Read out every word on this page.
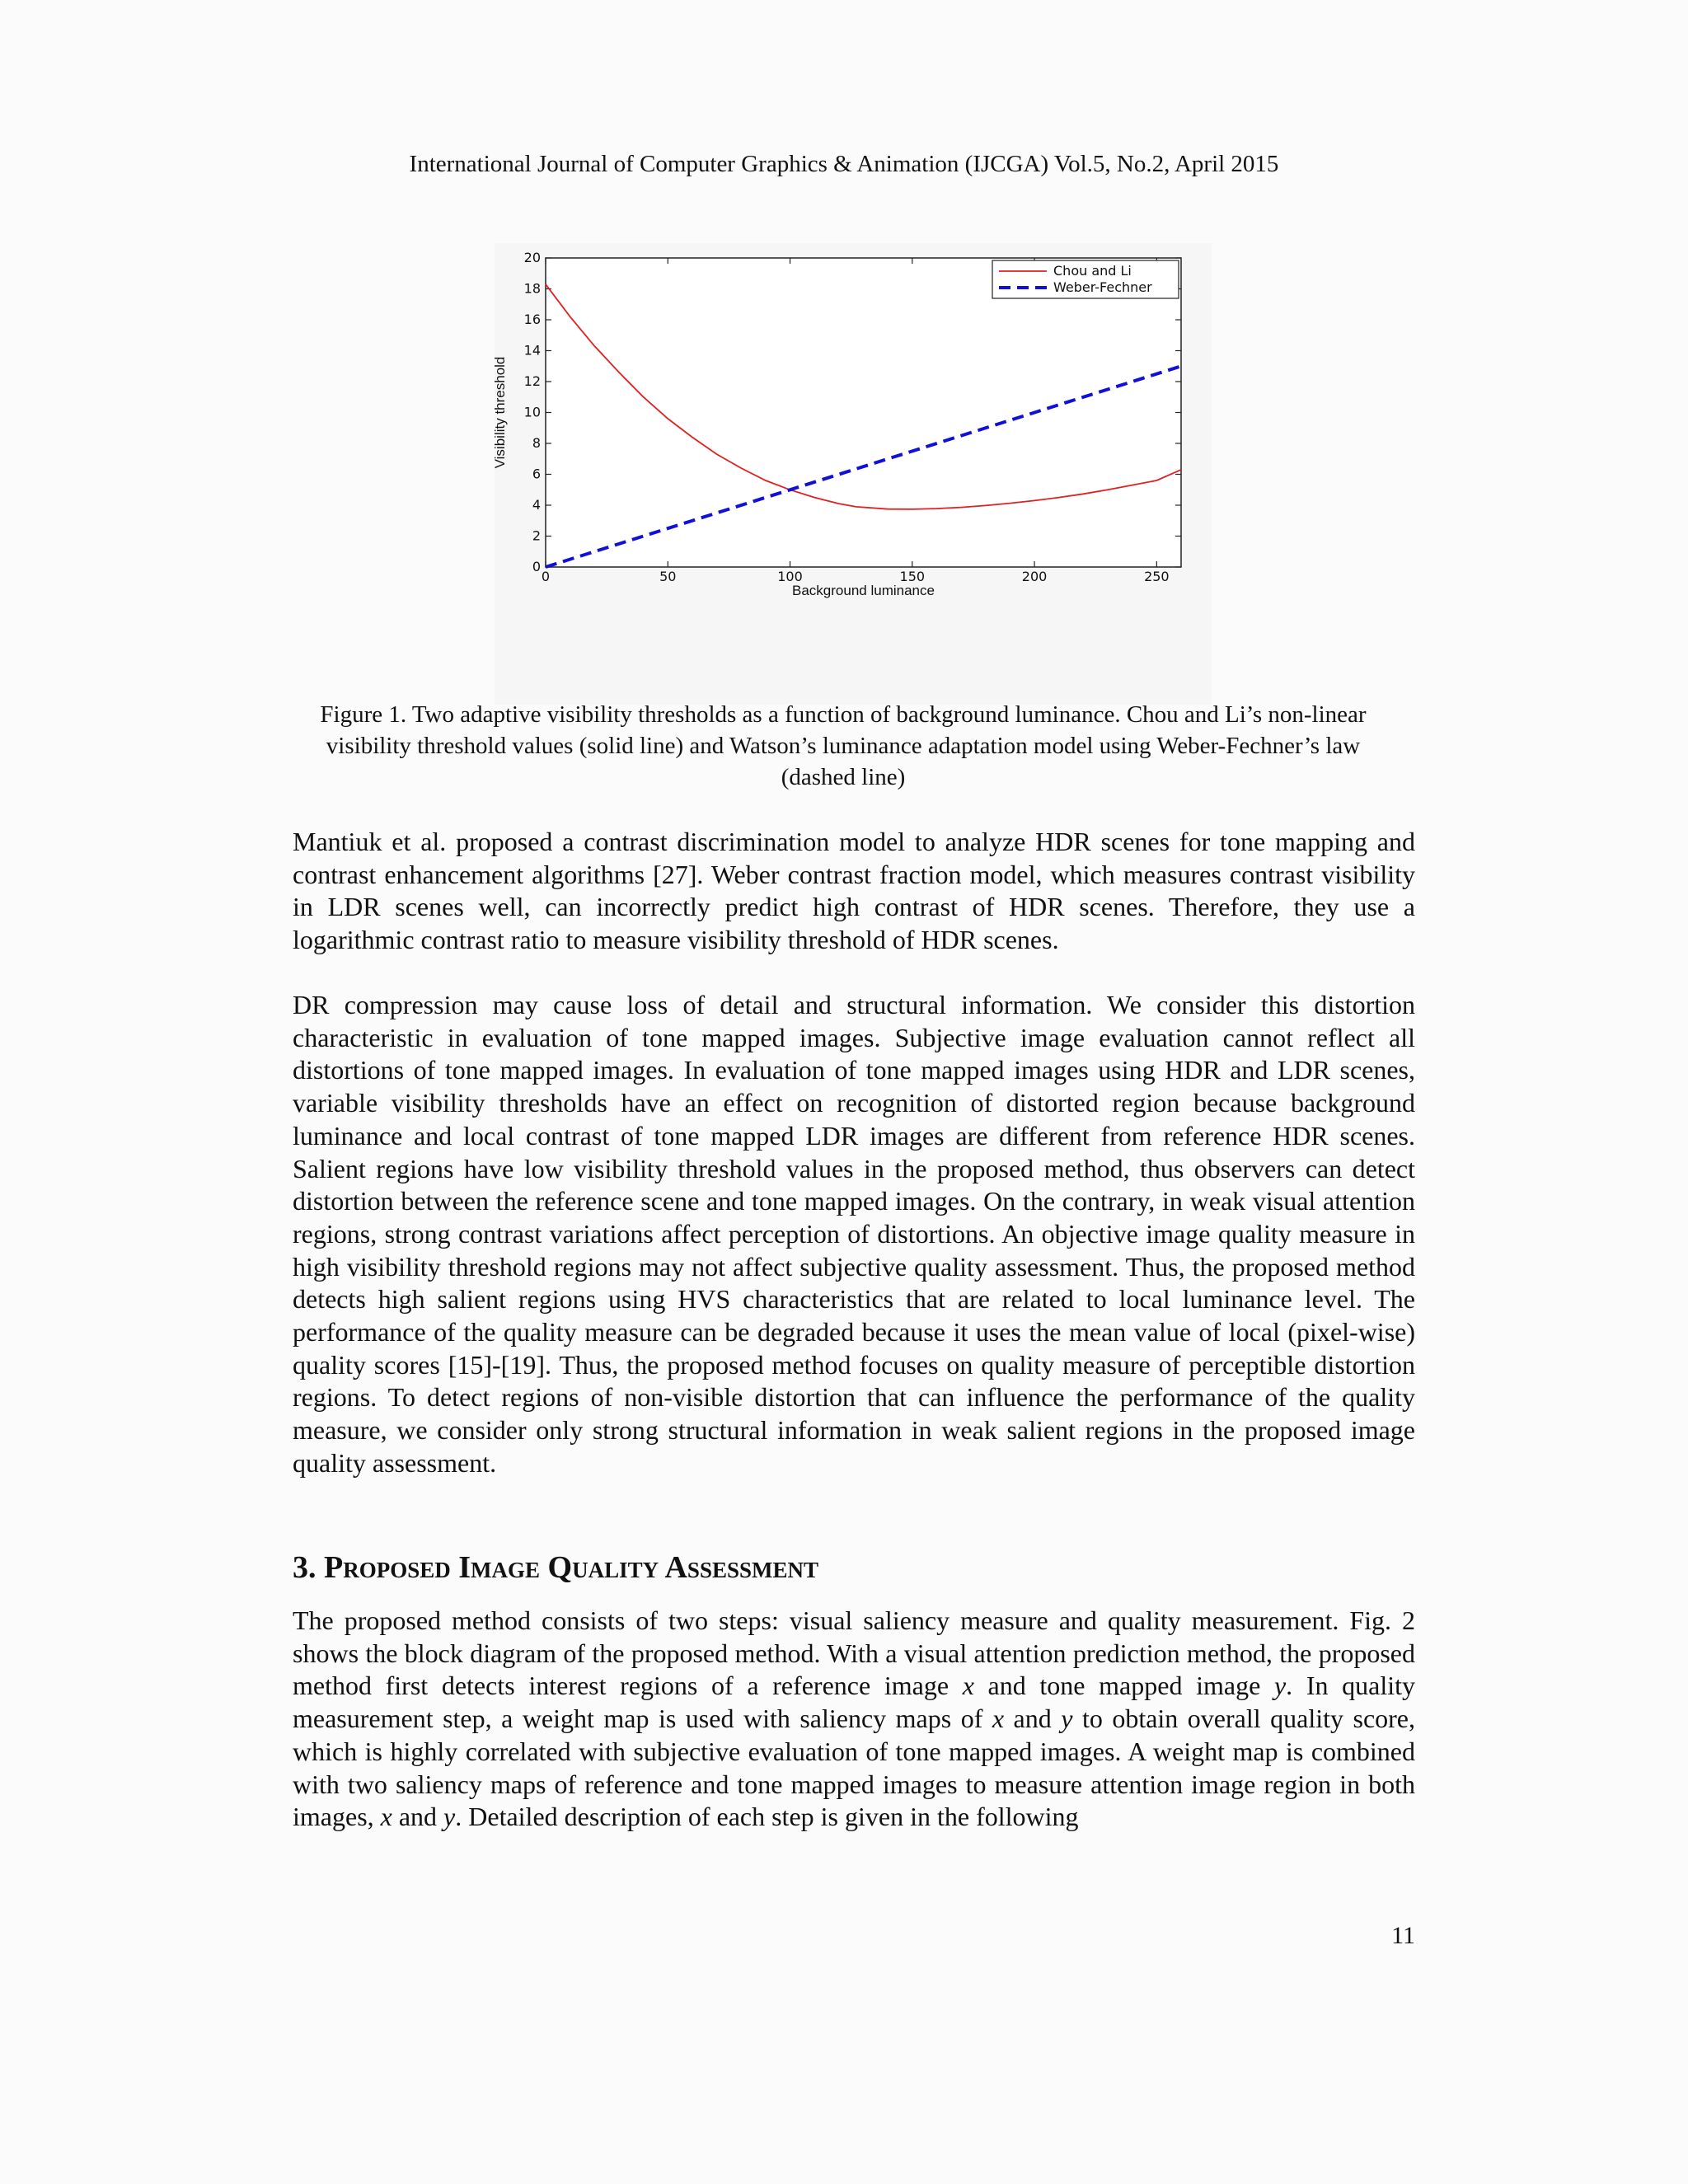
International Journal of Computer Graphics & Animation (IJCGA) Vol.5, No.2, April 2015
0
2
4
6
8
10
12
14
16
18
20
0	50	100	150	200	250
Background luminance
Visibility threshold
Chou and Li
Weber-Fechner
Figure 1. Two adaptive visibility thresholds as a function of background luminance. Chou and Li’s non-linear visibility threshold values (solid line) and Watson’s luminance adaptation model using Weber-Fechner’s law (dashed line)

Mantiuk et al. proposed a contrast discrimination model to analyze HDR scenes for tone mapping and contrast enhancement algorithms [27]. Weber contrast fraction model, which measures contrast visibility in LDR scenes well, can incorrectly predict high contrast of HDR scenes. Therefore, they use a logarithmic contrast ratio to measure visibility threshold of HDR scenes.

DR compression may cause loss of detail and structural information. We consider this distortion characteristic in evaluation of tone mapped images. Subjective image evaluation cannot reflect all distortions of tone mapped images. In evaluation of tone mapped images using HDR and LDR scenes, variable visibility thresholds have an effect on recognition of distorted region because background luminance and local contrast of tone mapped LDR images are different from reference HDR scenes. Salient regions have low visibility threshold values in the proposed method, thus observers can detect distortion between the reference scene and tone mapped images. On the contrary, in weak visual attention regions, strong contrast variations affect perception of distortions. An objective image quality measure in high visibility threshold regions may not affect subjective quality assessment. Thus, the proposed method detects high salient regions using HVS characteristics that are related to local luminance level. The performance of the quality measure can be degraded because it uses the mean value of local (pixel-wise) quality scores [15]-[19]. Thus, the proposed method focuses on quality measure of perceptible distortion regions. To detect regions of non-visible distortion that can influence the performance of the quality measure, we consider only strong structural information in weak salient regions in the proposed image quality assessment.

3. Proposed Image Quality Assessment

The proposed method consists of two steps: visual saliency measure and quality measurement. Fig. 2 shows the block diagram of the proposed method. With a visual attention prediction method, the proposed method first detects interest regions of a reference image x and tone mapped image y. In quality measurement step, a weight map is used with saliency maps of x and y to obtain overall quality score, which is highly correlated with subjective evaluation of tone mapped images. A weight map is combined with two saliency maps of reference and tone mapped images to measure attention image region in both images, x and y. Detailed description of each step is given in the following

11
